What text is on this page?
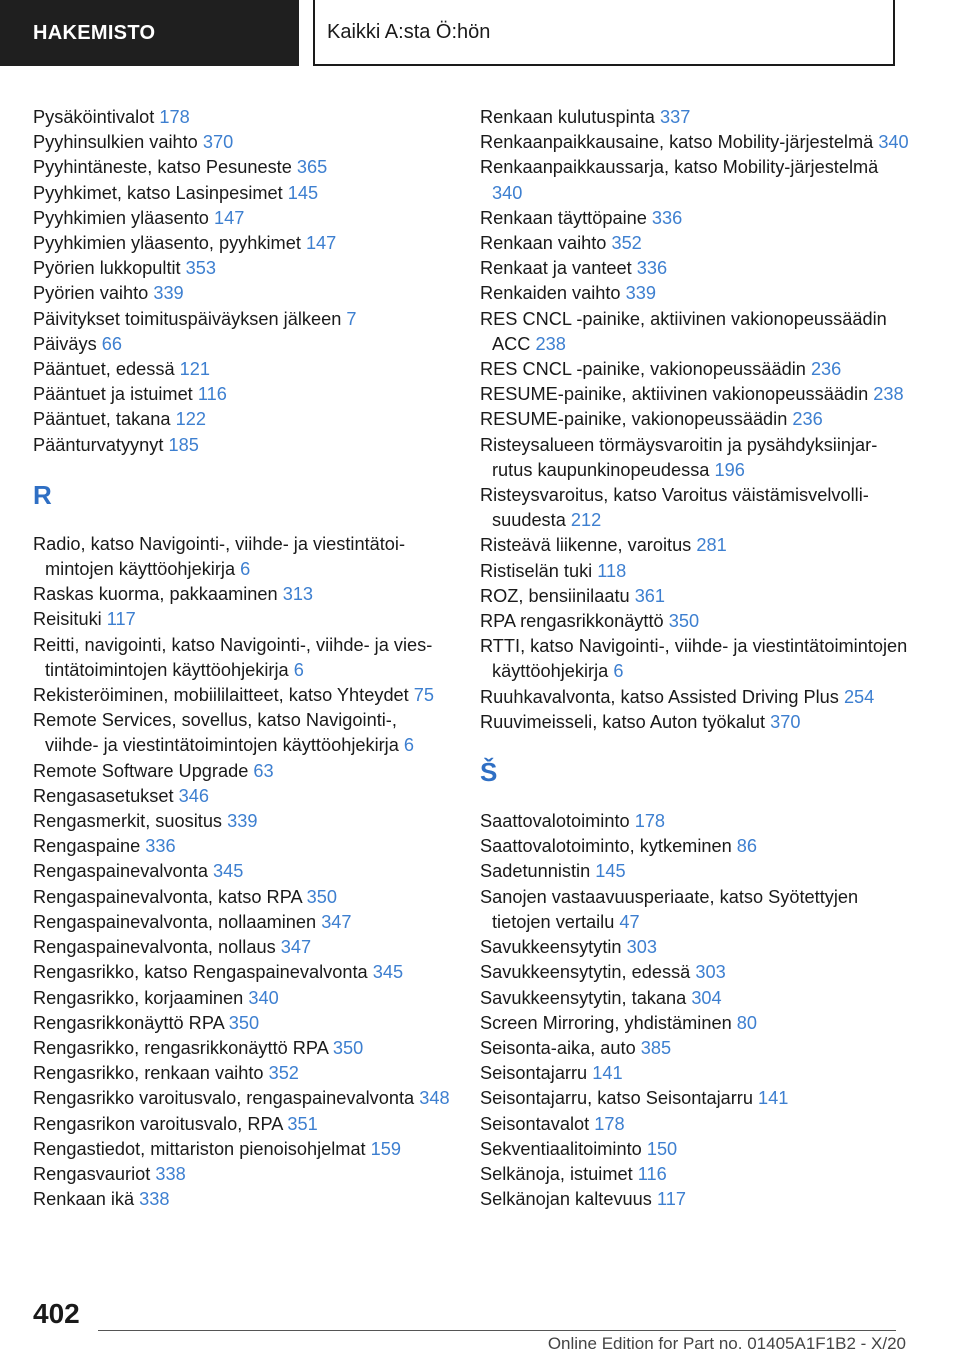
HAKEMISTO	Kaikki A:sta Ö:hön
Pysäköintivalot 178
Pyyhinsulkien vaihto 370
Pyyhintäneste, katso Pesuneste 365
Pyyhkimet, katso Lasinpesimet 145
Pyyhkimien yläasento 147
Pyyhkimien yläasento, pyyhkimet 147
Pyörien lukkopultit 353
Pyörien vaihto 339
Päivitykset toimituspäiväyksen jälkeen 7
Päiväys 66
Pääntuet, edessä 121
Pääntuet ja istuimet 116
Pääntuet, takana 122
Päänturvatyynyt 185
R
Radio, katso Navigointi-, viihde- ja viestintätoimintojen käyttöohjekirja 6
Raskas kuorma, pakkaaminen 313
Reisituki 117
Reitti, navigointi, katso Navigointi-, viihde- ja viestintätoimintojen käyttöohjekirja 6
Rekisteröiminen, mobiililaitteet, katso Yhteydet 75
Remote Services, sovellus, katso Navigointi-, viihde- ja viestintätoimintojen käyttöohjekirja 6
Remote Software Upgrade 63
Rengasasetukset 346
Rengasmerkit, suositus 339
Rengaspaine 336
Rengaspainevalvonta 345
Rengaspainevalvonta, katso RPA 350
Rengaspainevalvonta, nollaaminen 347
Rengaspainevalvonta, nollaus 347
Rengasrikko, katso Rengaspainevalvonta 345
Rengasrikko, korjaaminen 340
Rengasrikkonäyttö RPA 350
Rengasrikko, rengasrikkonäyttö RPA 350
Rengasrikko, renkaan vaihto 352
Rengasrikko varoitusvalo, rengaspainevalvonta 348
Rengasrikon varoitusvalo, RPA 351
Rengastiedot, mittariston pienoisohjelmat 159
Rengasvauriot 338
Renkaan ikä 338
Renkaan kulutuspinta 337
Renkaanpaikkausaine, katso Mobility-järjestelmä 340
Renkaanpaikkaussarja, katso Mobility-järjestelmä 340
Renkaan täyttöpaine 336
Renkaan vaihto 352
Renkaat ja vanteet 336
Renkaiden vaihto 339
RES CNCL -painike, aktiivinen vakionopeussäädin ACC 238
RES CNCL -painike, vakionopeussäädin 236
RESUME-painike, aktiivinen vakionopeussäädin 238
RESUME-painike, vakionopeussäädin 236
Risteysalueen törmäysvaroitin ja pysähdyksiinjarrutus kaupunkinopeudessa 196
Risteysvaroitus, katso Varoitus väistämisvelvollisuudesta 212
Risteävä liikenne, varoitus 281
Ristiselän tuki 118
ROZ, bensiinilaatu 361
RPA rengasrikkonäyttö 350
RTTI, katso Navigointi-, viihde- ja viestintätoimintojen käyttöohjekirja 6
Ruuhkavalvonta, katso Assisted Driving Plus 254
Ruuvimeisseli, katso Auton työkalut 370
Š
Saattovalotoiminto 178
Saattovalotoiminto, kytkeminen 86
Sadetunnistin 145
Sanojen vastaavuusperiaate, katso Syötettyjen tietojen vertailu 47
Savukkeensytytin 303
Savukkeensytytin, edessä 303
Savukkeensytytin, takana 304
Screen Mirroring, yhdistäminen 80
Seisonta-aika, auto 385
Seisontajarru 141
Seisontajarru, katso Seisontajarru 141
Seisontavalot 178
Sekventiaalitoiminto 150
Selkänoja, istuimet 116
Selkänojan kaltevuus 117
402
Online Edition for Part no. 01405A1F1B2 - X/20
